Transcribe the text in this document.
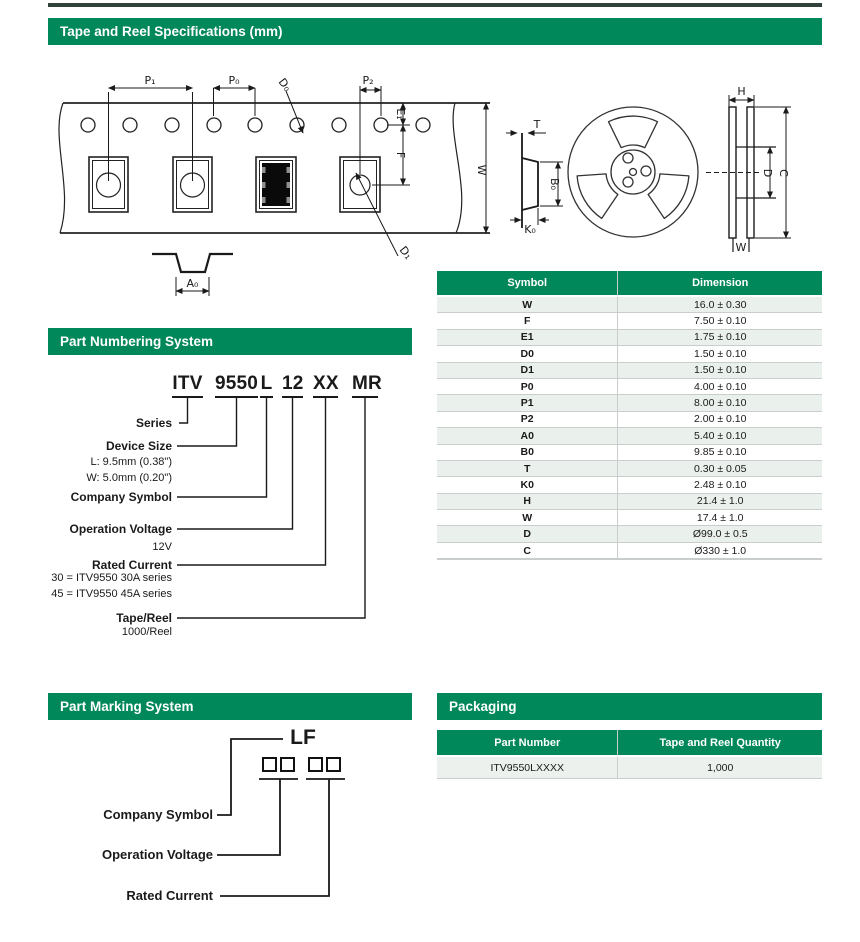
Tape and Reel Specifications (mm)
Part Numbering System
Part Marking System	Packaging
P₁	P₀	D₀	P₂
E₁
F
W
D₁
A₀
T
B₀
K₀
H
D C
W
Symbol	Dimension
W	16.0 ± 0.30
F	7.50 ± 0.10
E1	1.75 ± 0.10
D0	1.50 ± 0.10
D1	1.50 ± 0.10
P0	4.00 ± 0.10
P1	8.00 ± 0.10
P2	2.00 ± 0.10
A0	5.40 ± 0.10
B0	9.85 ± 0.10
T	0.30 ± 0.05
K0	2.48 ± 0.10
H	21.4 ± 1.0
W	17.4 ± 1.0
D	Ø99.0 ± 0.5
C	Ø330 ± 1.0
ITV 9550 L 12 XX MR
Series
Device Size
L: 9.5mm (0.38")
W: 5.0mm (0.20")
Company Symbol
Operation Voltage
12V
Rated Current
30 = ITV9550 30A series
45 = ITV9550 45A series
Tape/Reel
1000/Reel
LF
Company Symbol
Operation Voltage
Rated Current
Part Number	Tape and Reel Quantity
ITV9550LXXXX	1,000
